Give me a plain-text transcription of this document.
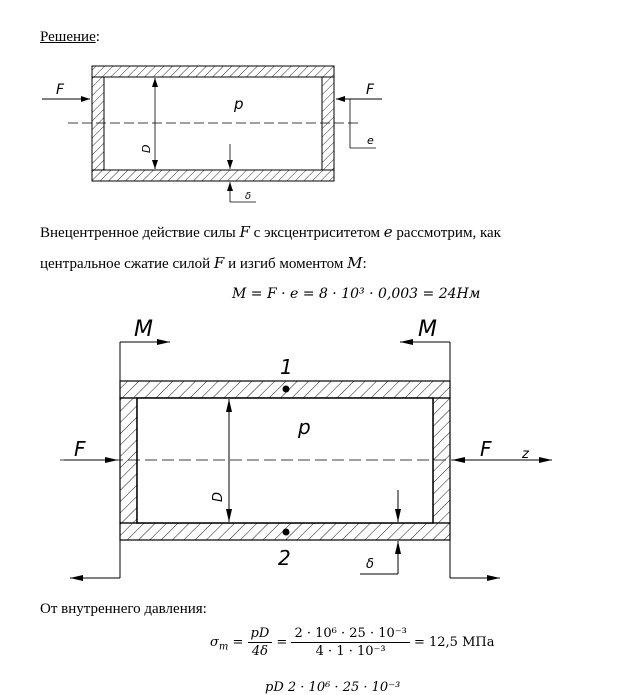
Решение:
F	F
e
p
D
δ
Внецентренное действие силы F с эксцентриситетом e рассмотрим, как
центральное сжатие силой F и изгиб моментом M:
M = F · e = 8 · 10³ · 0,003 = 24Нм
M	M
z
F	F
1
2
p
D
δ
От внутреннего давления:
$\sigma_m = \frac{pD}{4\delta} = \frac{\text{2 · 10⁶ · 25 · 10⁻³}}{\text{4 · 1 · 10⁻³}} = 12,5$ МПа
pD 2 · 10⁶ · 25 · 10⁻³
